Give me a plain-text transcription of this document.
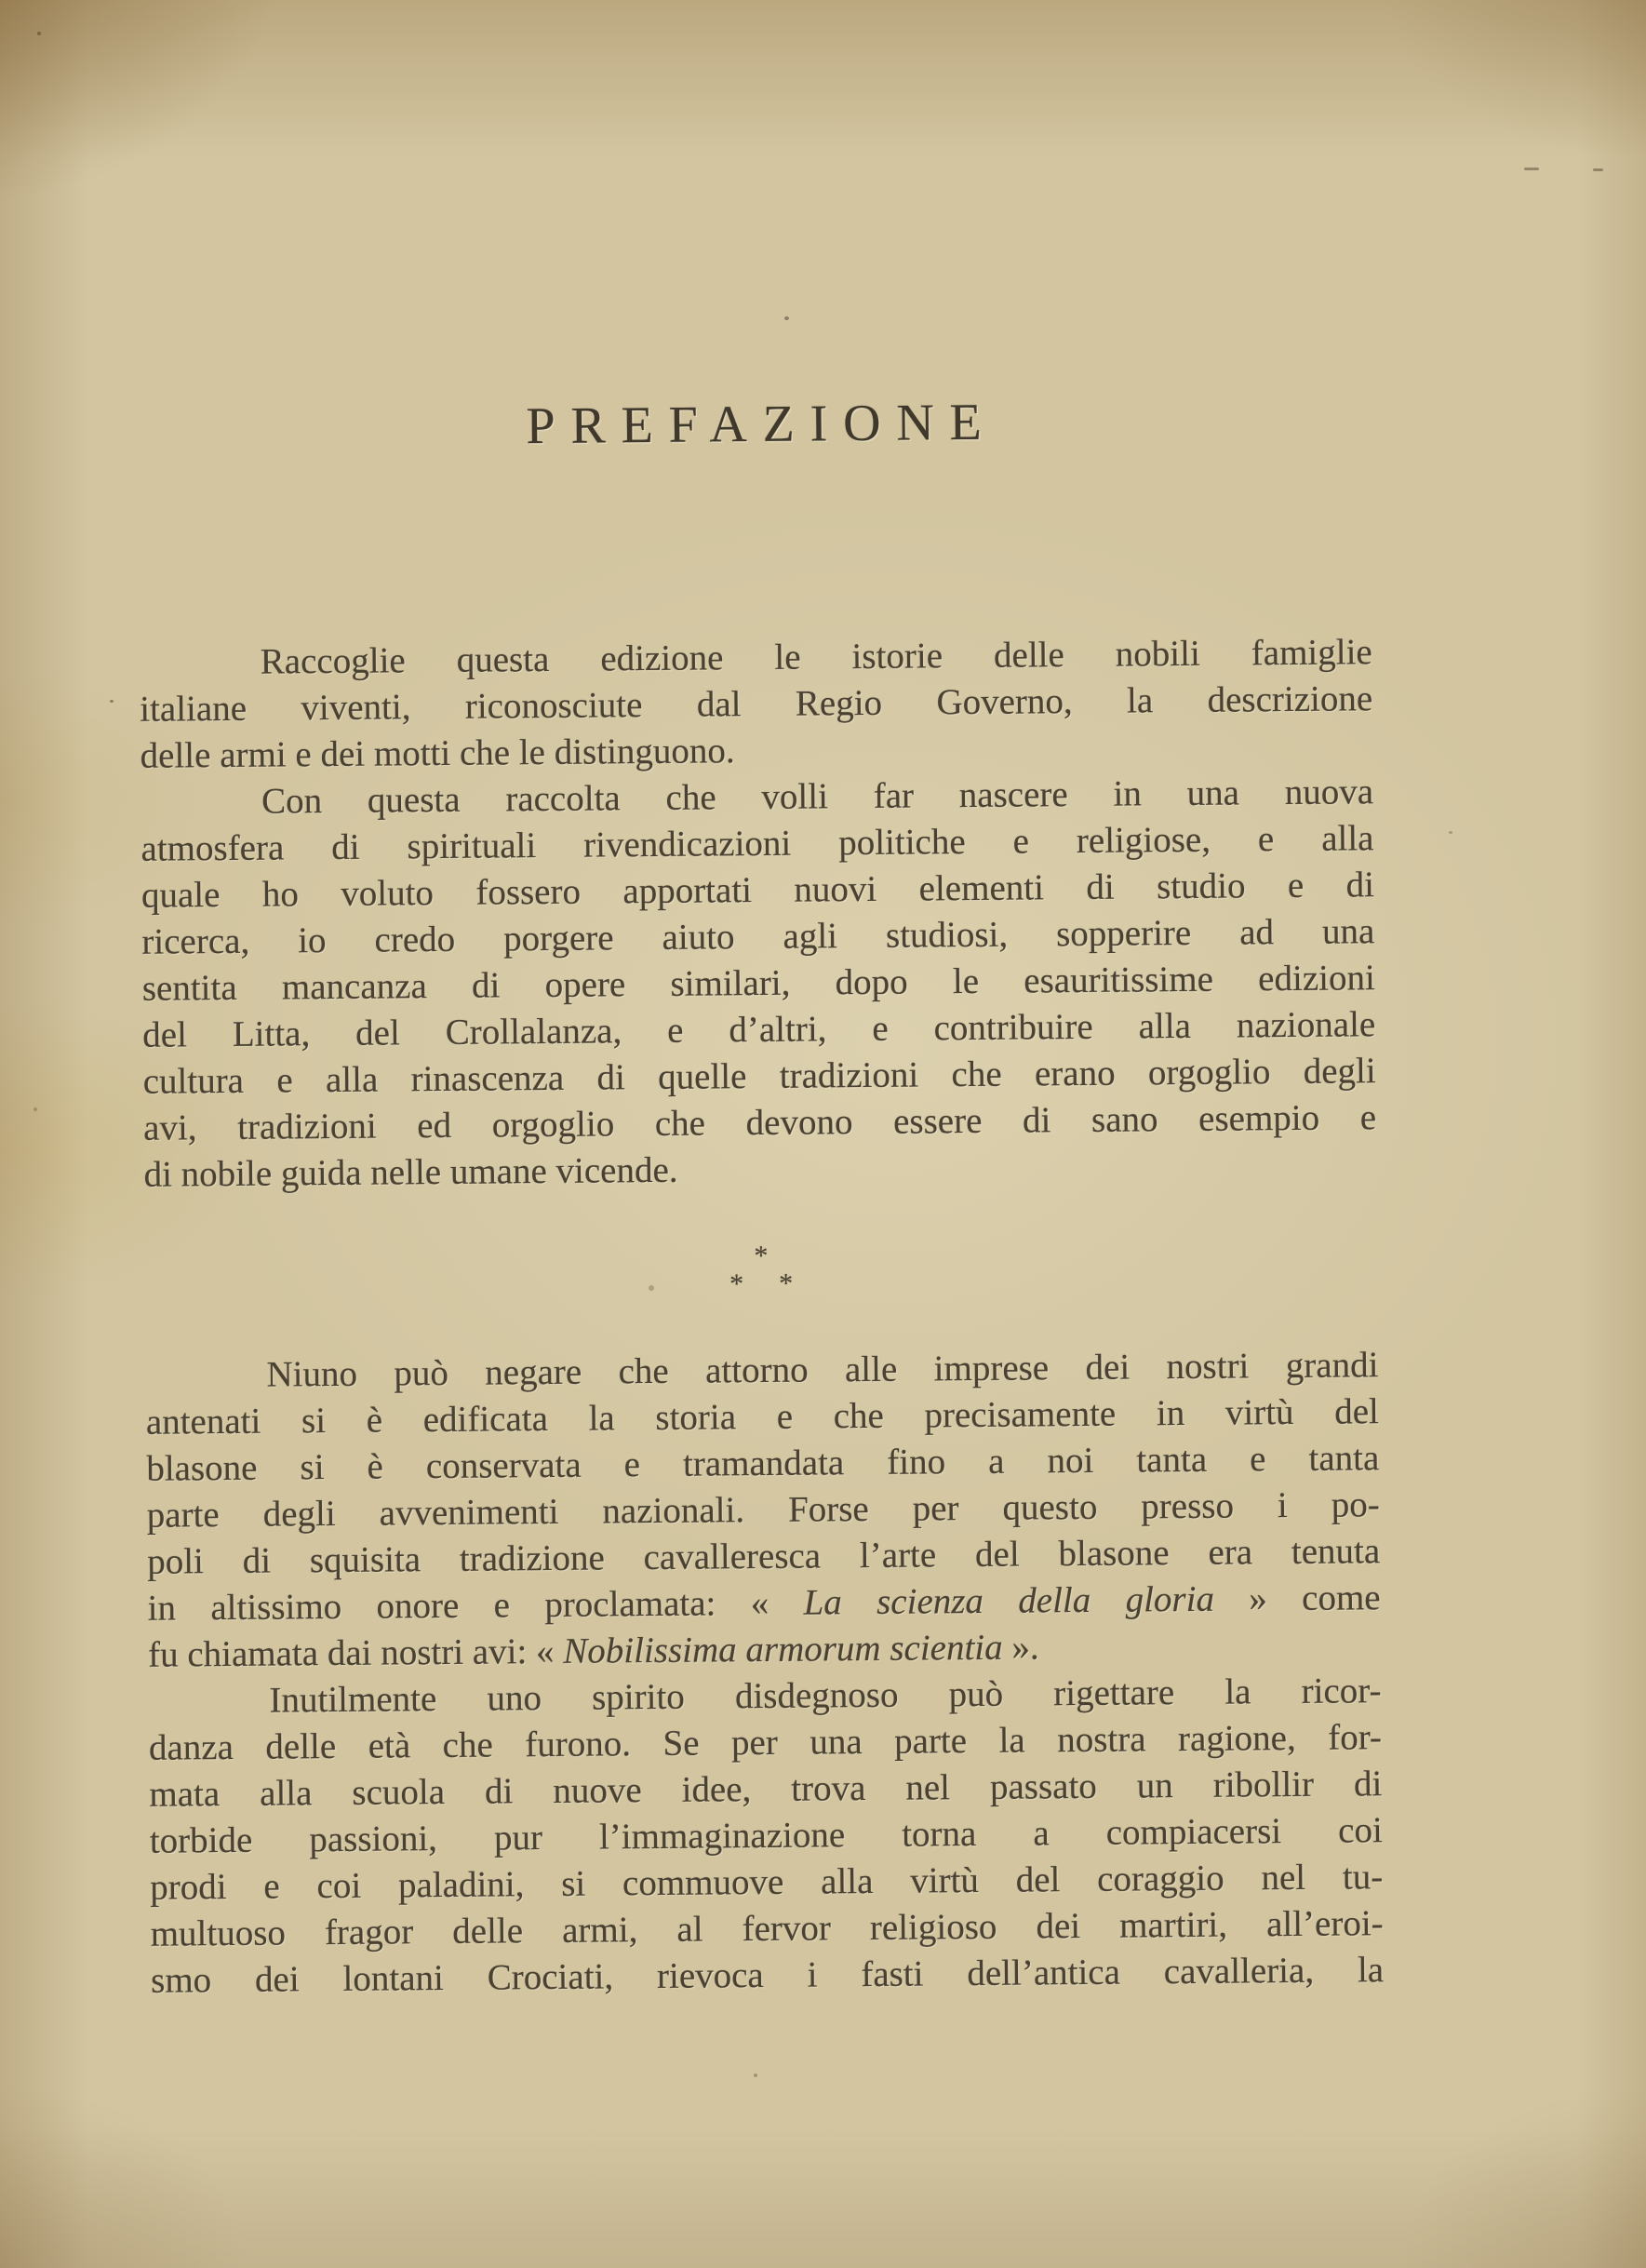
PREFAZIONE
Raccoglie questa edizione le istorie delle nobili famiglie
italiane viventi, riconosciute dal Regio Governo, la descrizione
delle armi e dei motti che le distinguono.
Con questa raccolta che volli far nascere in una nuova
atmosfera di spirituali rivendicazioni politiche e religiose, e alla
quale ho voluto fossero apportati nuovi elementi di studio e di
ricerca, io credo porgere aiuto agli studiosi, sopperire ad una
sentita mancanza di opere similari, dopo le esauritissime edizioni
del Litta, del Crollalanza, e d’altri, e contribuire alla nazionale
cultura e alla rinascenza di quelle tradizioni che erano orgoglio degli
avi, tradizioni ed orgoglio che devono essere di sano esempio e
di nobile guida nelle umane vicende.
*
* *
Niuno può negare che attorno alle imprese dei nostri grandi
antenati si è edificata la storia e che precisamente in virtù del
blasone si è conservata e tramandata fino a noi tanta e tanta
parte degli avvenimenti nazionali. Forse per questo presso i po-
poli di squisita tradizione cavalleresca l’arte del blasone era tenuta
in altissimo onore e proclamata: « La scienza della gloria » come
fu chiamata dai nostri avi: « Nobilissima armorum scientia ».
Inutilmente uno spirito disdegnoso può rigettare la ricor-
danza delle età che furono. Se per una parte la nostra ragione, for-
mata alla scuola di nuove idee, trova nel passato un ribollir di
torbide passioni, pur l’immaginazione torna a compiacersi coi
prodi e coi paladini, si commuove alla virtù del coraggio nel tu-
multuoso fragor delle armi, al fervor religioso dei martiri, all’eroi-
smo dei lontani Crociati, rievoca i fasti dell’antica cavalleria, la
